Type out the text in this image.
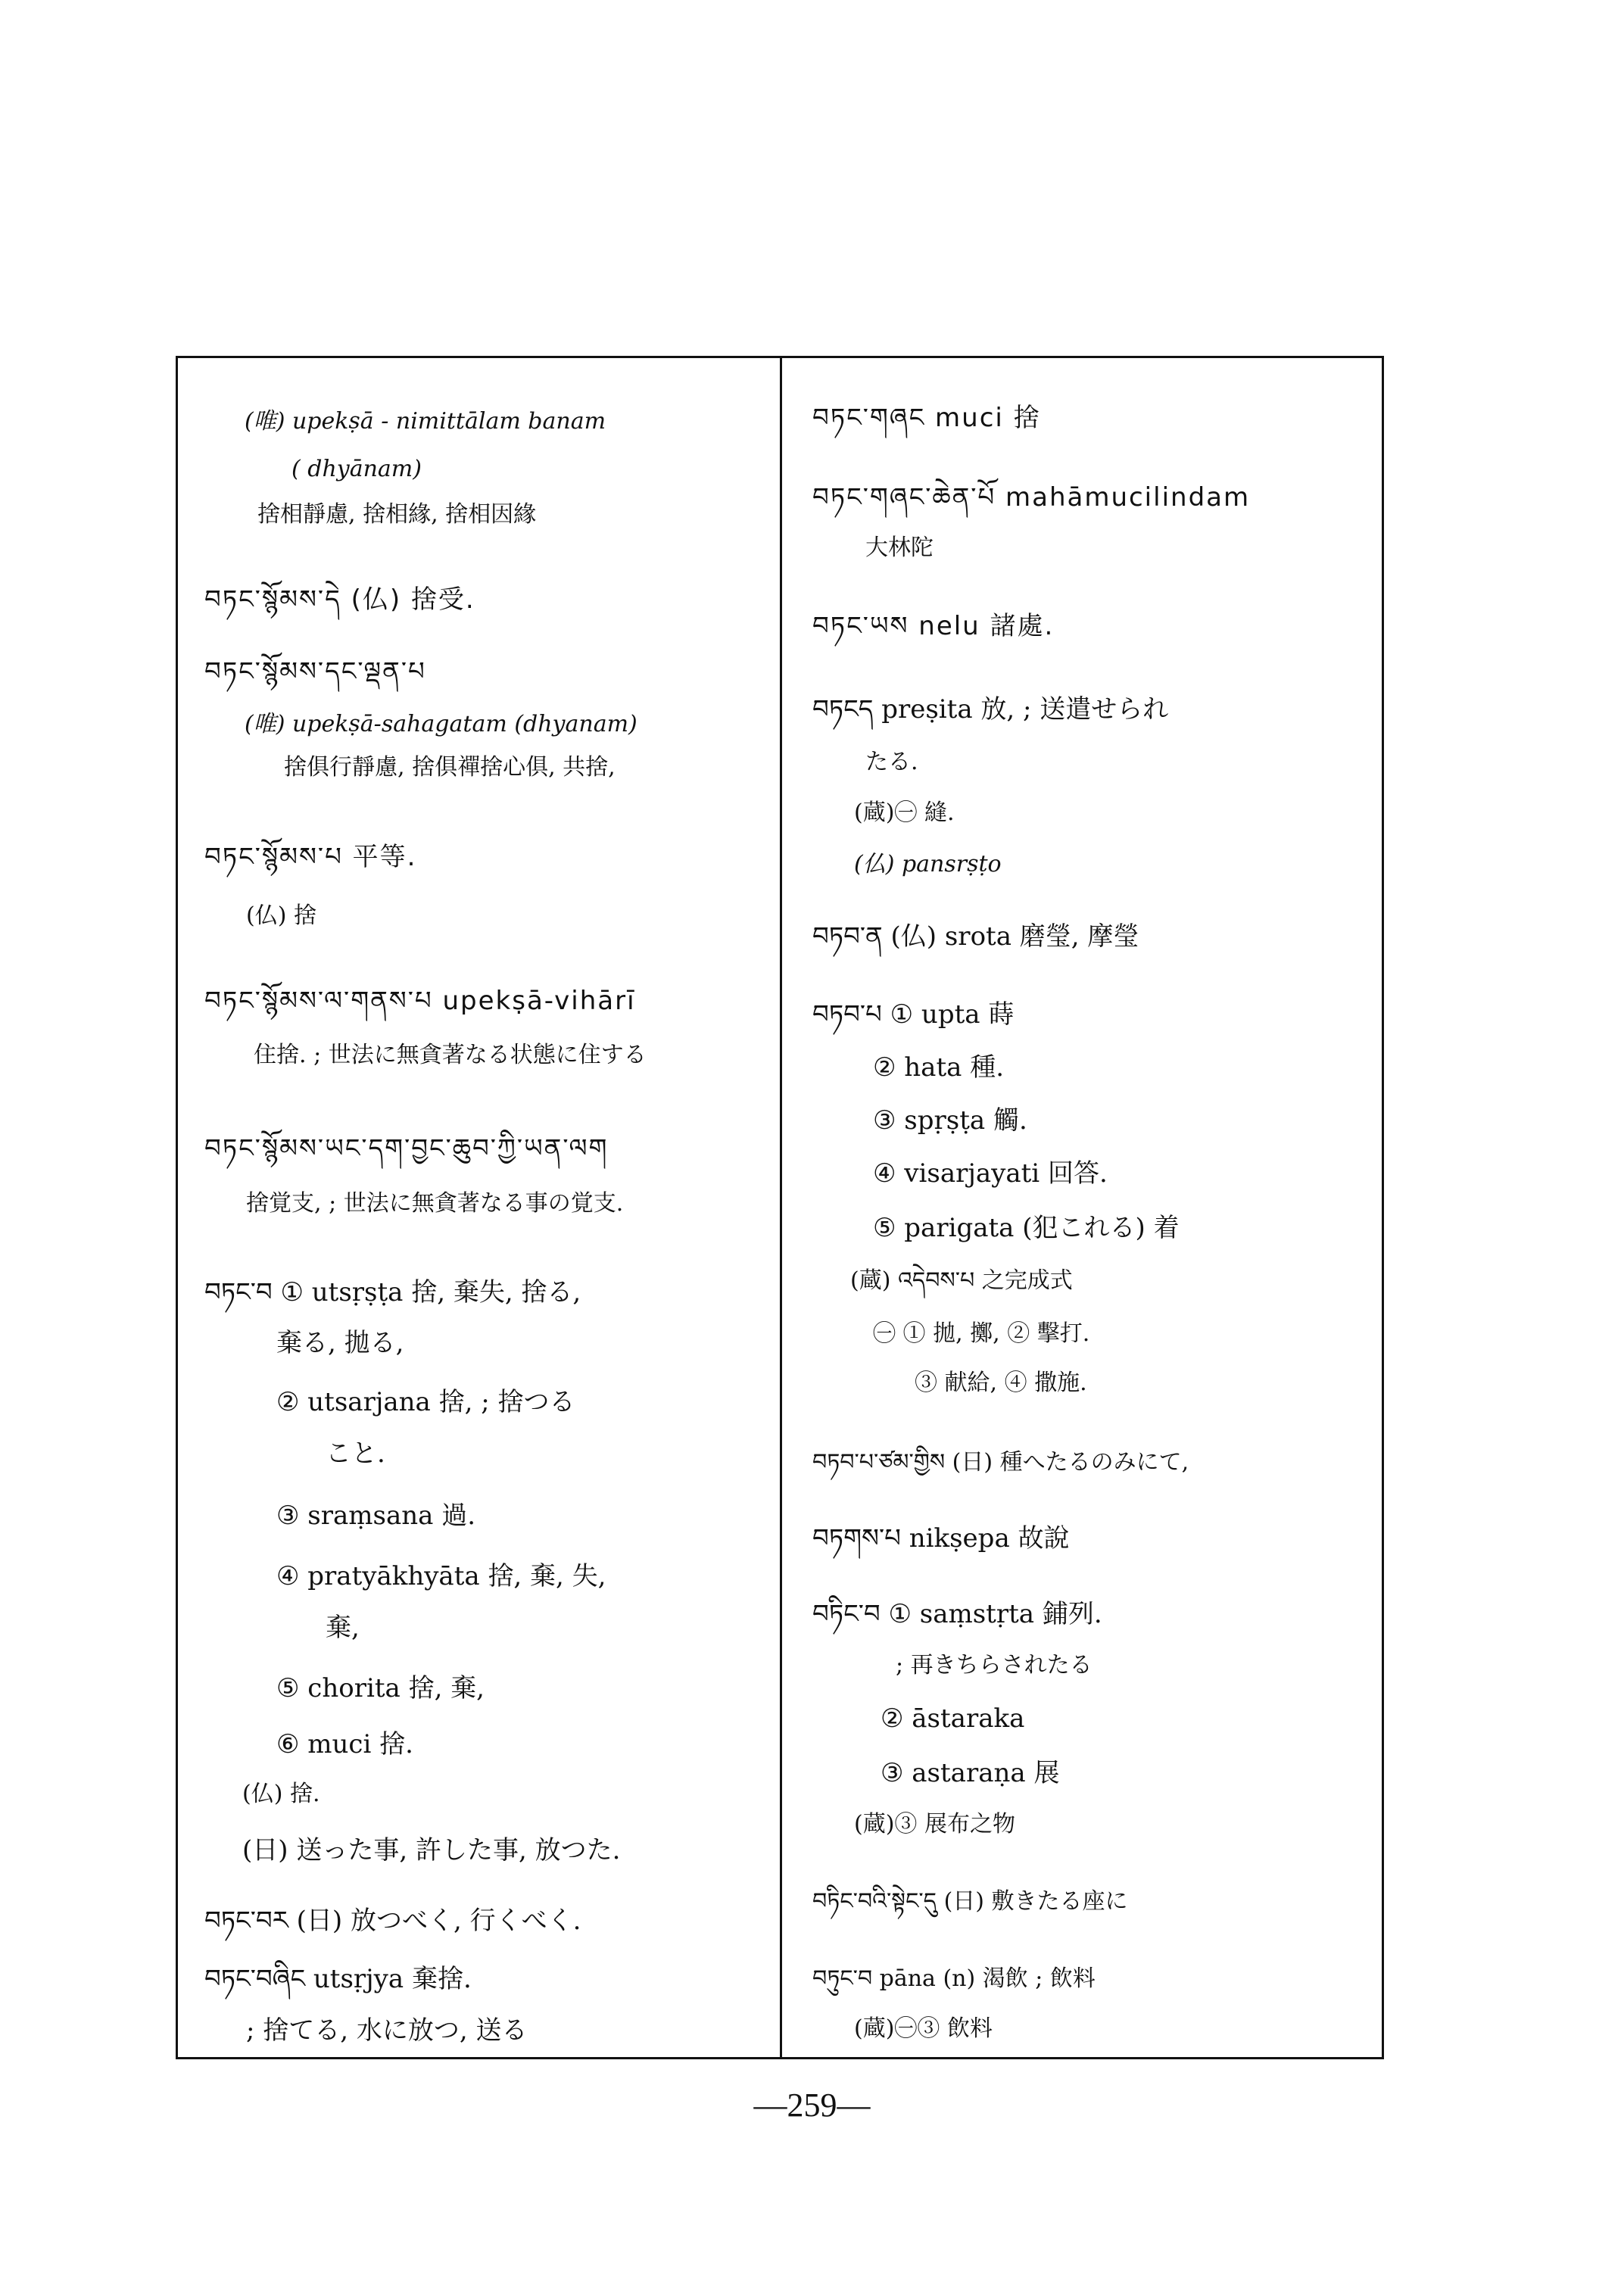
(唯) upekṣā - nimittālam banam
( dhyānam)
捨相靜慮, 捨相緣, 捨相因緣
བཏང་སྙོམས་དེ (仏) 捨受.
བཏང་སྙོམས་དང་ལྡན་པ
(唯) upekṣā-sahagatam (dhyanam)
捨俱行靜慮, 捨俱禪捨心俱, 共捨,
བཏང་སྙོམས་པ 平等.
(仏) 捨
བཏང་སྙོམས་ལ་གནས་པ upekṣā-vihārī
住捨. ; 世法に無貪著なる状態に住する
བཏང་སྙོམས་ཡང་དག་བྱང་ཆུབ་ཀྱི་ཡན་ལག
捨覚支, ; 世法に無貪著なる事の覚支.
བཏང་བ ① utsṛṣṭa 捨, 棄失, 捨る,
棄る, 拋る,
② utsarjana 捨, ; 捨つる
こと.
③ sraṃsana 過.
④ pratyākhyāta 捨, 棄, 失,
棄,
⑤ chorita 捨, 棄,
⑥ muci 捨.
(仏) 捨.
(日) 送った事, 許した事, 放つた.
བཏང་བར (日) 放つべく, 行くべく.
བཏང་བཞིང utsṛjya 棄捨.
; 捨てる, 水に放つ, 送る
བཏང་གཞང muci 捨
བཏང་གཞང་ཆེན་པོ mahāmucilindam
大林陀
བཏང་ཡས nelu 諸處.
བཏངད preṣita 放, ; 送遣せられ
たる.
(蔵)㊀ 縫.
(仏) pansrṣṭo
བཏབ་ན (仏) srota 磨瑩, 摩瑩
བཏབ་པ ① upta 蒔
② hata 種.
③ spṛṣṭa 觸.
④ visarjayati 回答.
⑤ parigata (犯これる) 着
(蔵) འདེབས་པ 之完成式
㊀ ① 拋, 擲, ② 擊打.
③ 献給, ④ 撒施.
བཏབ་པ་ཙམ་གྱིས (日) 種へたるのみにて,
བཏགས་པ nikṣepa 故說
བཏིང་བ ① saṃstṛta 鋪列.
; 再きちらされたる
② āstaraka
③ astaraṇa 展
(蔵)③ 展布之物
བཏིང་བའི་སྟེང་དུ (日) 敷きたる座に
བཏུང་བ pāna (n) 渴飲 ; 飲料
(蔵)㊀③ 飲料
—259—
